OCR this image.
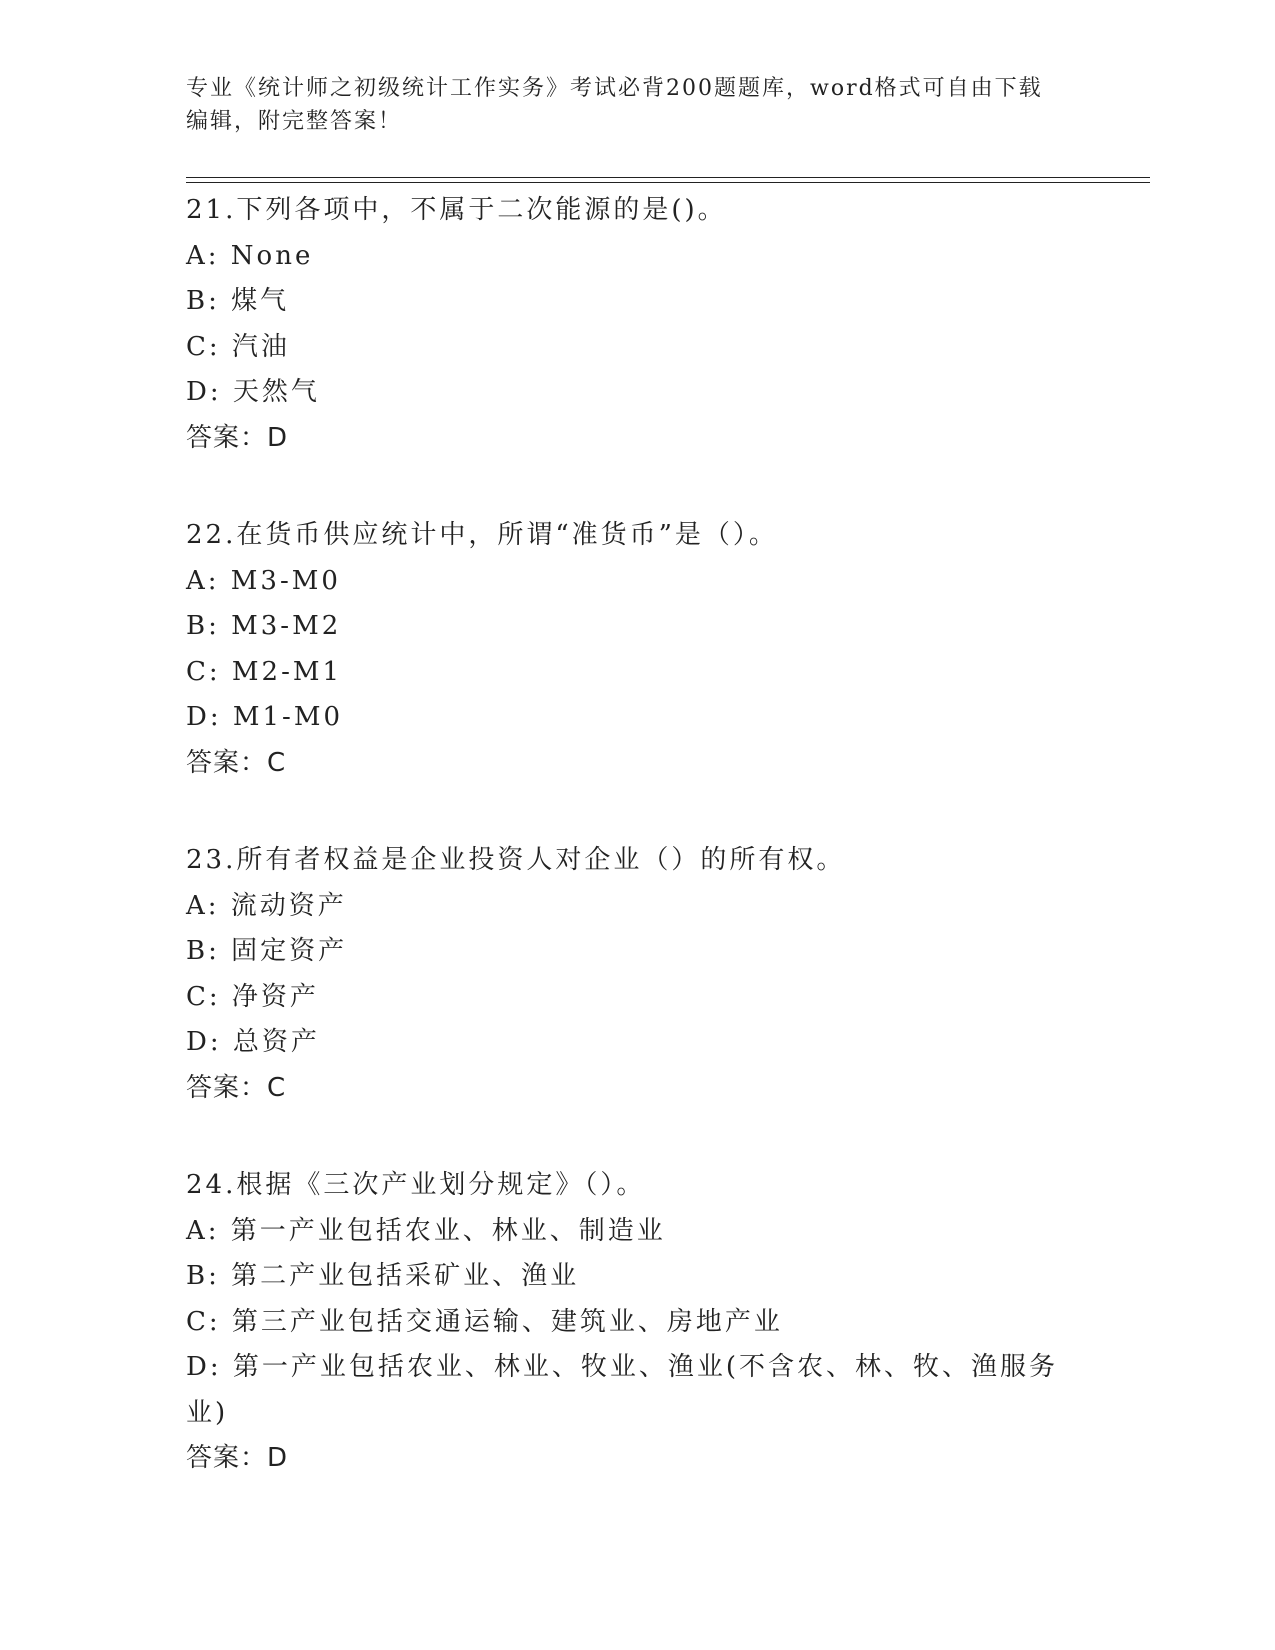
专业《统计师之初级统计工作实务》考试必背200题题库，word格式可自由下载编辑，附完整答案！
21.下列各项中，不属于二次能源的是()。
A: None
B: 煤气
C: 汽油
D: 天然气
答案：D
22.在货币供应统计中，所谓“准货币”是（）。
A: M3-M0
B: M3-M2
C: M2-M1
D: M1-M0
答案：C
23.所有者权益是企业投资人对企业（）的所有权。
A: 流动资产
B: 固定资产
C: 净资产
D: 总资产
答案：C
24.根据《三次产业划分规定》（）。
A: 第一产业包括农业、林业、制造业
B: 第二产业包括采矿业、渔业
C: 第三产业包括交通运输、建筑业、房地产业
D: 第一产业包括农业、林业、牧业、渔业(不含农、林、牧、渔服务业)
答案：D
